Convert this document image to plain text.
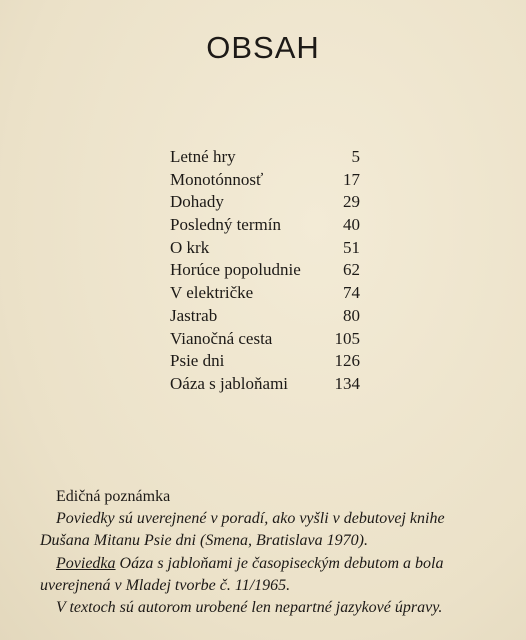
OBSAH
Letné hry	5
Monotónnosť	17
Dohady	29
Posledný termín	40
O krk	51
Horúce popoludnie	62
V električke	74
Jastrab	80
Vianočná cesta	105
Psie dni	126
Oáza s jabloňami	134
Edičná poznámka

Poviedky sú uverejnené v poradí, ako vyšli v debutovej knihe

Dušana Mitanu Psie dni (Smena, Bratislava 1970).

Poviedka Oáza s jabloňami je časopiseckým debutom a bola

uverejnená v Mladej tvorbe č. 11/1965.

V textoch sú autorom urobené len nepartné jazykové úpravy.
